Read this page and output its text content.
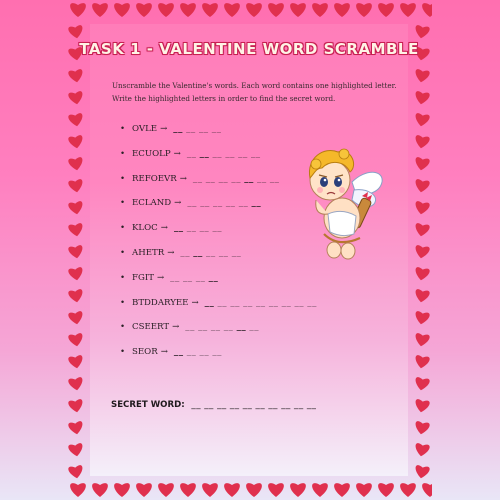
TASK 1 - VALENTINE WORD SCRAMBLE
Unscramble the Valentine's words. Each word contains one highlighted letter. Write the highlighted letters in order to find the secret word.
• OVLE → __ __ __ __
• ECUOLP → __ __ __ __ __ __
• REFOEVR → __ __ __ __ __ __ __
• ECLAND → __ __ __ __ __ __
• KLOC → __ __ __ __
• AHETR → __ __ __ __ __
• FGIT → __ __ __ __
• BTDDARYEE → __ __ __ __ __ __ __ __ __
• CSEERT → __ __ __ __ __ __
• SEOR → __ __ __ __
SECRET WORD: __ __ __ __ __ __ __ __ __ __
